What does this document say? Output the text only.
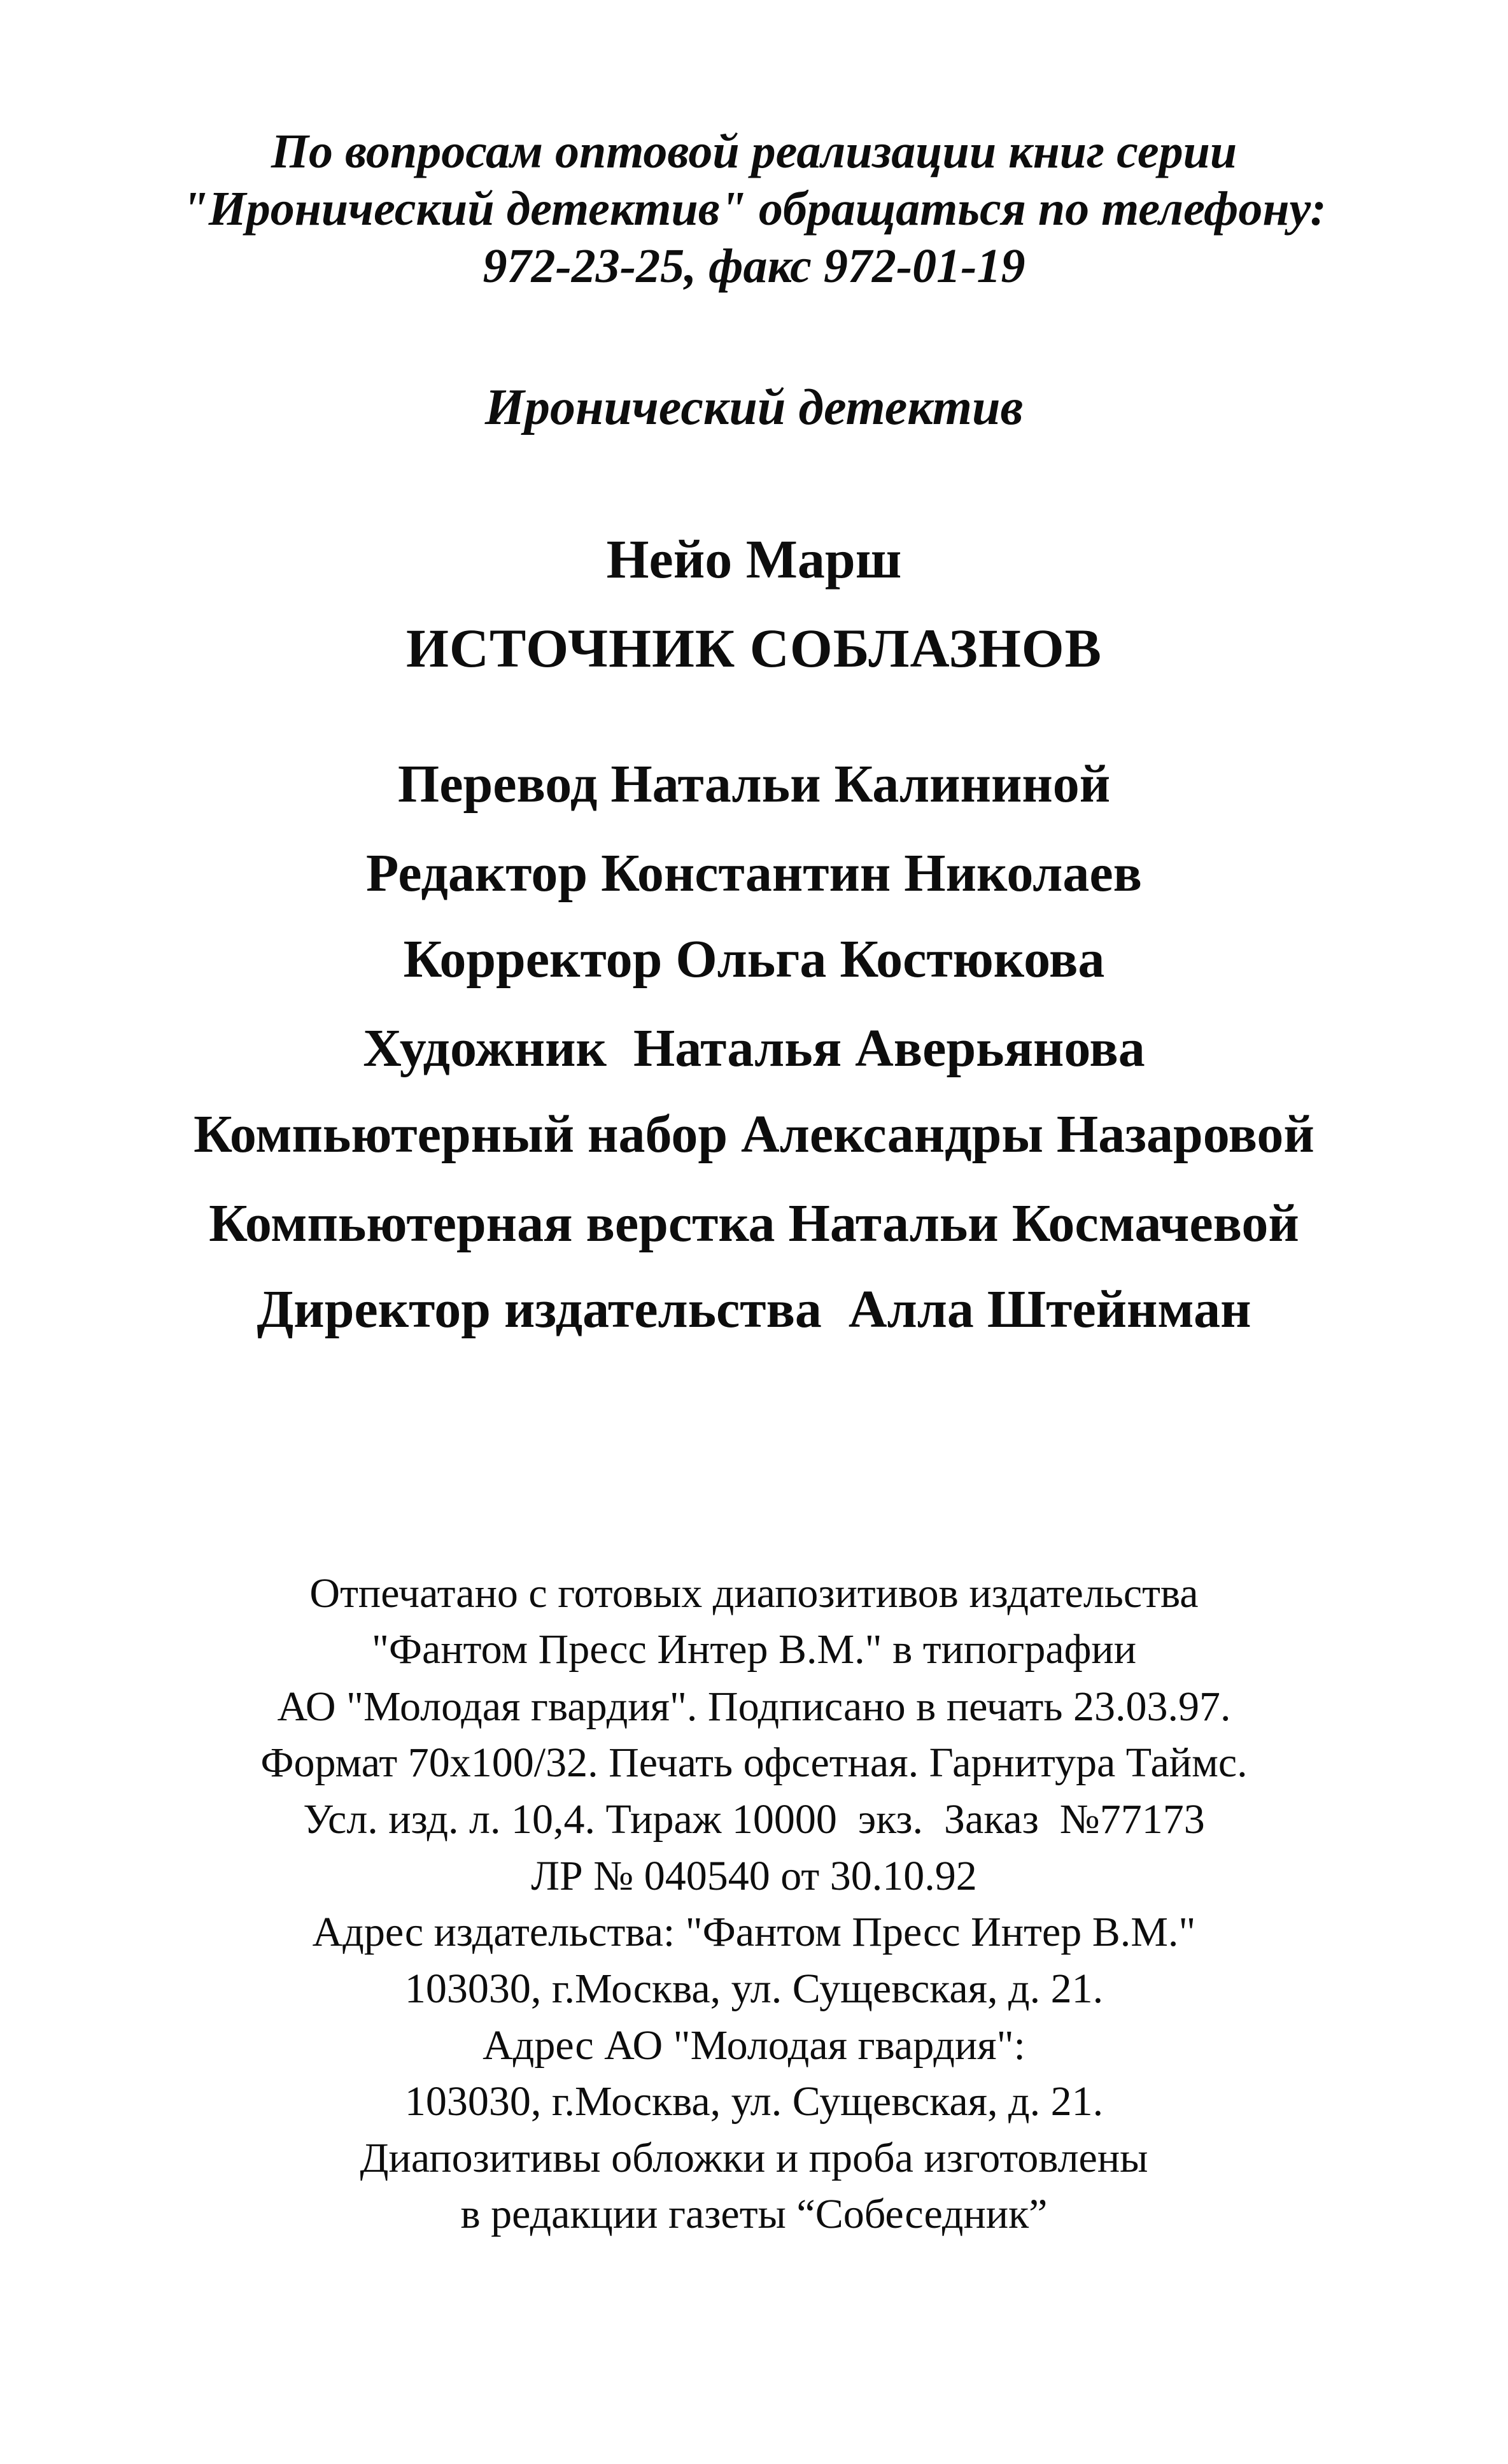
По вопросам оптовой реализации книг серии
"Иронический детектив" обращаться по телефону:
972-23-25, факс 972-01-19
Иронический детектив
Нейо Марш
ИСТОЧНИК СОБЛАЗНОВ
Перевод Натальи Калининой
Редактор Константин Николаев
Корректор Ольга Костюкова
Художник  Наталья Аверьянова
Компьютерный набор Александры Назаровой
Компьютерная верстка Натальи Космачевой
Директор издательства  Алла Штейнман
Отпечатано с готовых диапозитивов издательства
"Фантом Пресс Интер В.М." в типографии
АО "Молодая гвардия". Подписано в печать 23.03.97.
Формат 70x100/32. Печать офсетная. Гарнитура Таймс.
Усл. изд. л. 10,4. Тираж 10000  экз.  Заказ  №77173
ЛР № 040540 от 30.10.92
Адрес издательства: "Фантом Пресс Интер В.М."
103030, г.Москва, ул. Сущевская, д. 21.
Адрес АО "Молодая гвардия":
103030, г.Москва, ул. Сущевская, д. 21.
Диапозитивы обложки и проба изготовлены
в редакции газеты “Собеседник”
